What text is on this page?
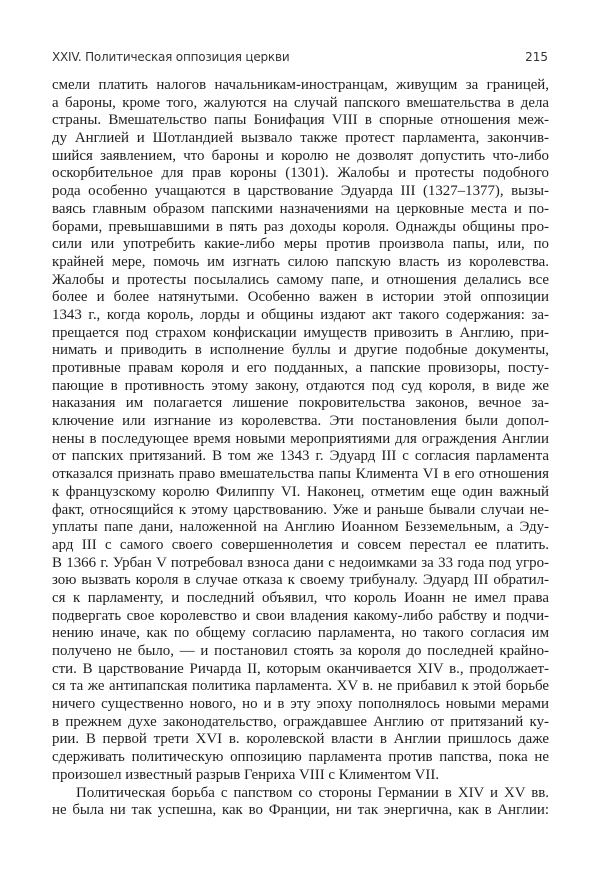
XXIV. Политическая оппозиция церкви	215
смели платить налогов начальникам-иностранцам, живущим за границей,
а бароны, кроме того, жалуются на случай папского вмешательства в дела
страны. Вмешательство папы Бонифация VIII в спорные отношения меж-
ду Англией и Шотландией вызвало также протест парламента, закончив-
шийся заявлением, что бароны и королю не дозволят допустить что-либо
оскорбительное для прав короны (1301). Жалобы и протесты подобного
рода особенно учащаются в царствование Эдуарда III (1327–1377), вызы-
ваясь главным образом папскими назначениями на церковные места и по-
борами, превышавшими в пять раз доходы короля. Однажды общины про-
сили или употребить какие-либо меры против произвола папы, или, по
крайней мере, помочь им изгнать силою папскую власть из королевства.
Жалобы и протесты посылались самому папе, и отношения делались все
более и более натянутыми. Особенно важен в истории этой оппозиции
1343 г., когда король, лорды и общины издают акт такого содержания: за-
прещается под страхом конфискации имуществ привозить в Англию, при-
нимать и приводить в исполнение буллы и другие подобные документы,
противные правам короля и его подданных, а папские провизоры, посту-
пающие в противность этому закону, отдаются под суд короля, в виде же
наказания им полагается лишение покровительства законов, вечное за-
ключение или изгнание из королевства. Эти постановления были допол-
нены в последующее время новыми мероприятиями для ограждения Англии
от папских притязаний. В том же 1343 г. Эдуард III с согласия парламента
отказался признать право вмешательства папы Климента VI в его отношения
к французскому королю Филиппу VI. Наконец, отметим еще один важный
факт, относящийся к этому царствованию. Уже и раньше бывали случаи не-
уплаты папе дани, наложенной на Англию Иоанном Безземельным, а Эду-
ард III с самого своего совершеннолетия и совсем перестал ее платить.
В 1366 г. Урбан V потребовал взноса дани с недоимками за 33 года под угро-
зою вызвать короля в случае отказа к своему трибуналу. Эдуард III обратил-
ся к парламенту, и последний объявил, что король Иоанн не имел права
подвергать свое королевство и свои владения какому-либо рабству и подчи-
нению иначе, как по общему согласию парламента, но такого согласия им
получено не было, — и постановил стоять за короля до последней крайно-
сти. В царствование Ричарда II, которым оканчивается XIV в., продолжает-
ся та же антипапская политика парламента. XV в. не прибавил к этой борьбе
ничего существенно нового, но и в эту эпоху пополнялось новыми мерами
в прежнем духе законодательство, ограждавшее Англию от притязаний ку-
рии. В первой трети XVI в. королевской власти в Англии пришлось даже
сдерживать политическую оппозицию парламента против папства, пока не
произошел известный разрыв Генриха VIII с Климентом VII.
Политическая борьба с папством со стороны Германии в XIV и XV вв.
не была ни так успешна, как во Франции, ни так энергична, как в Англии:
